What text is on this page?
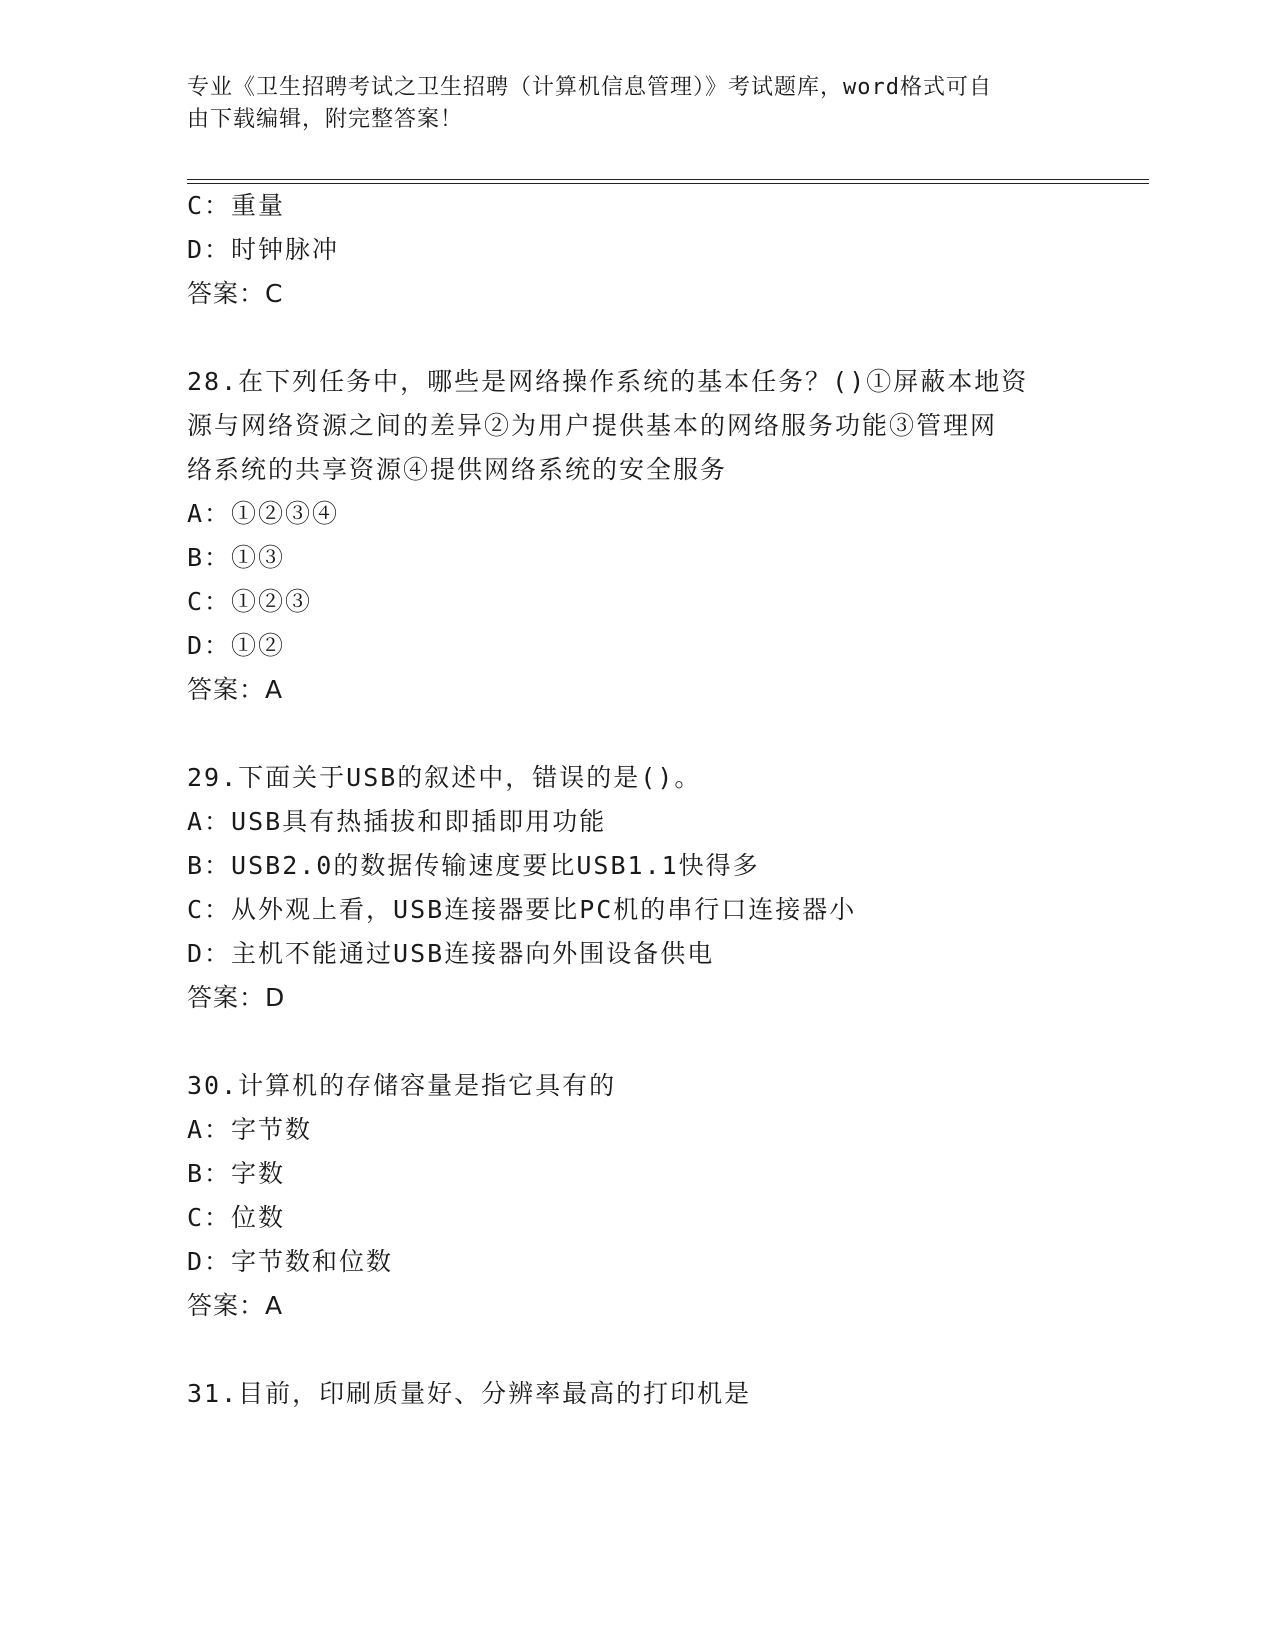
专业《卫生招聘考试之卫生招聘（计算机信息管理）》考试题库，word格式可自
由下载编辑，附完整答案！
C：重量
D：时钟脉冲
答案：C
28.在下列任务中，哪些是网络操作系统的基本任务？()①屏蔽本地资
源与网络资源之间的差异②为用户提供基本的网络服务功能③管理网
络系统的共享资源④提供网络系统的安全服务
A：①②③④
B：①③
C：①②③
D：①②
答案：A
29.下面关于USB的叙述中，错误的是()。
A：USB具有热插拔和即插即用功能
B：USB2.0的数据传输速度要比USB1.1快得多
C：从外观上看，USB连接器要比PC机的串行口连接器小
D：主机不能通过USB连接器向外围设备供电
答案：D
30.计算机的存储容量是指它具有的
A：字节数
B：字数
C：位数
D：字节数和位数
答案：A
31.目前，印刷质量好、分辨率最高的打印机是
